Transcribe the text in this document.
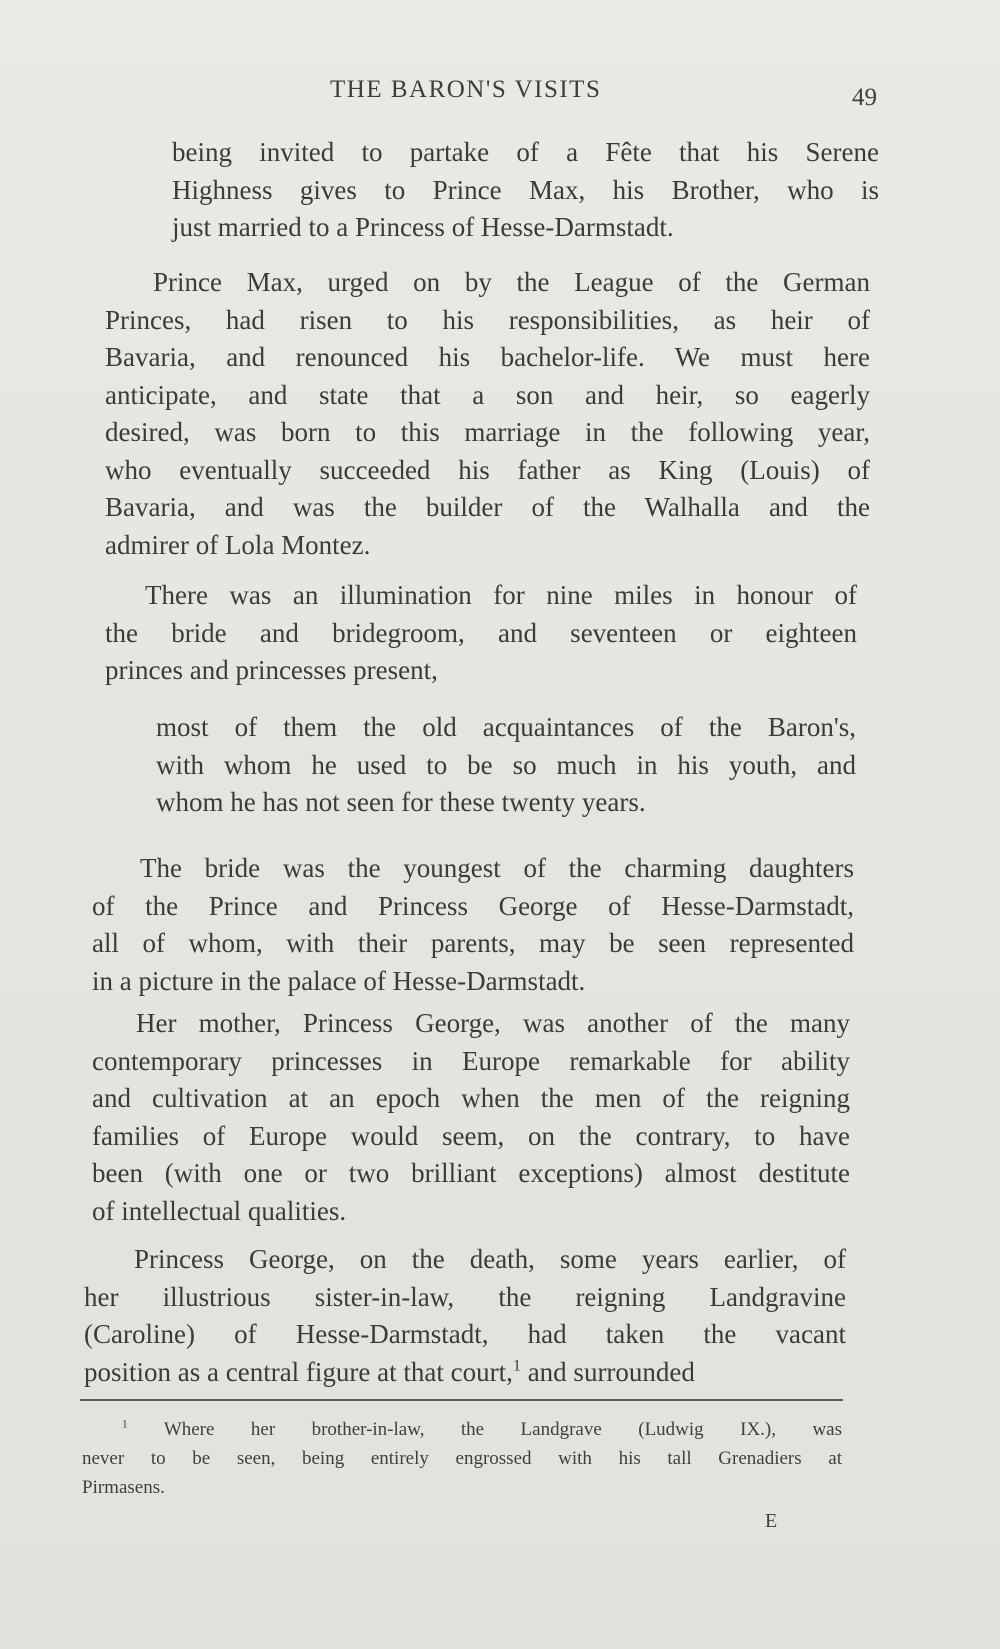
THE BARON'S VISITS	49
being invited to partake of a Fête that his Serene
Highness gives to Prince Max, his Brother, who is
just married to a Princess of Hesse-Darmstadt.
Prince Max, urged on by the League of the German
Princes, had risen to his responsibilities, as heir of
Bavaria, and renounced his bachelor-life. We must here
anticipate, and state that a son and heir, so eagerly
desired, was born to this marriage in the following year,
who eventually succeeded his father as King (Louis) of
Bavaria, and was the builder of the Walhalla and the
admirer of Lola Montez.
There was an illumination for nine miles in honour of
the bride and bridegroom, and seventeen or eighteen
princes and princesses present,
most of them the old acquaintances of the Baron's,
with whom he used to be so much in his youth, and
whom he has not seen for these twenty years.
The bride was the youngest of the charming daughters
of the Prince and Princess George of Hesse-Darmstadt,
all of whom, with their parents, may be seen represented
in a picture in the palace of Hesse-Darmstadt.
Her mother, Princess George, was another of the many
contemporary princesses in Europe remarkable for ability
and cultivation at an epoch when the men of the reigning
families of Europe would seem, on the contrary, to have
been (with one or two brilliant exceptions) almost destitute
of intellectual qualities.
Princess George, on the death, some years earlier, of
her illustrious sister-in-law, the reigning Landgravine
(Caroline) of Hesse-Darmstadt, had taken the vacant
position as a central figure at that court,$^1$ and surrounded
$^1$ Where her brother-in-law, the Landgrave (Ludwig IX.), was
never to be seen, being entirely engrossed with his tall Grenadiers at
Pirmasens.
E
